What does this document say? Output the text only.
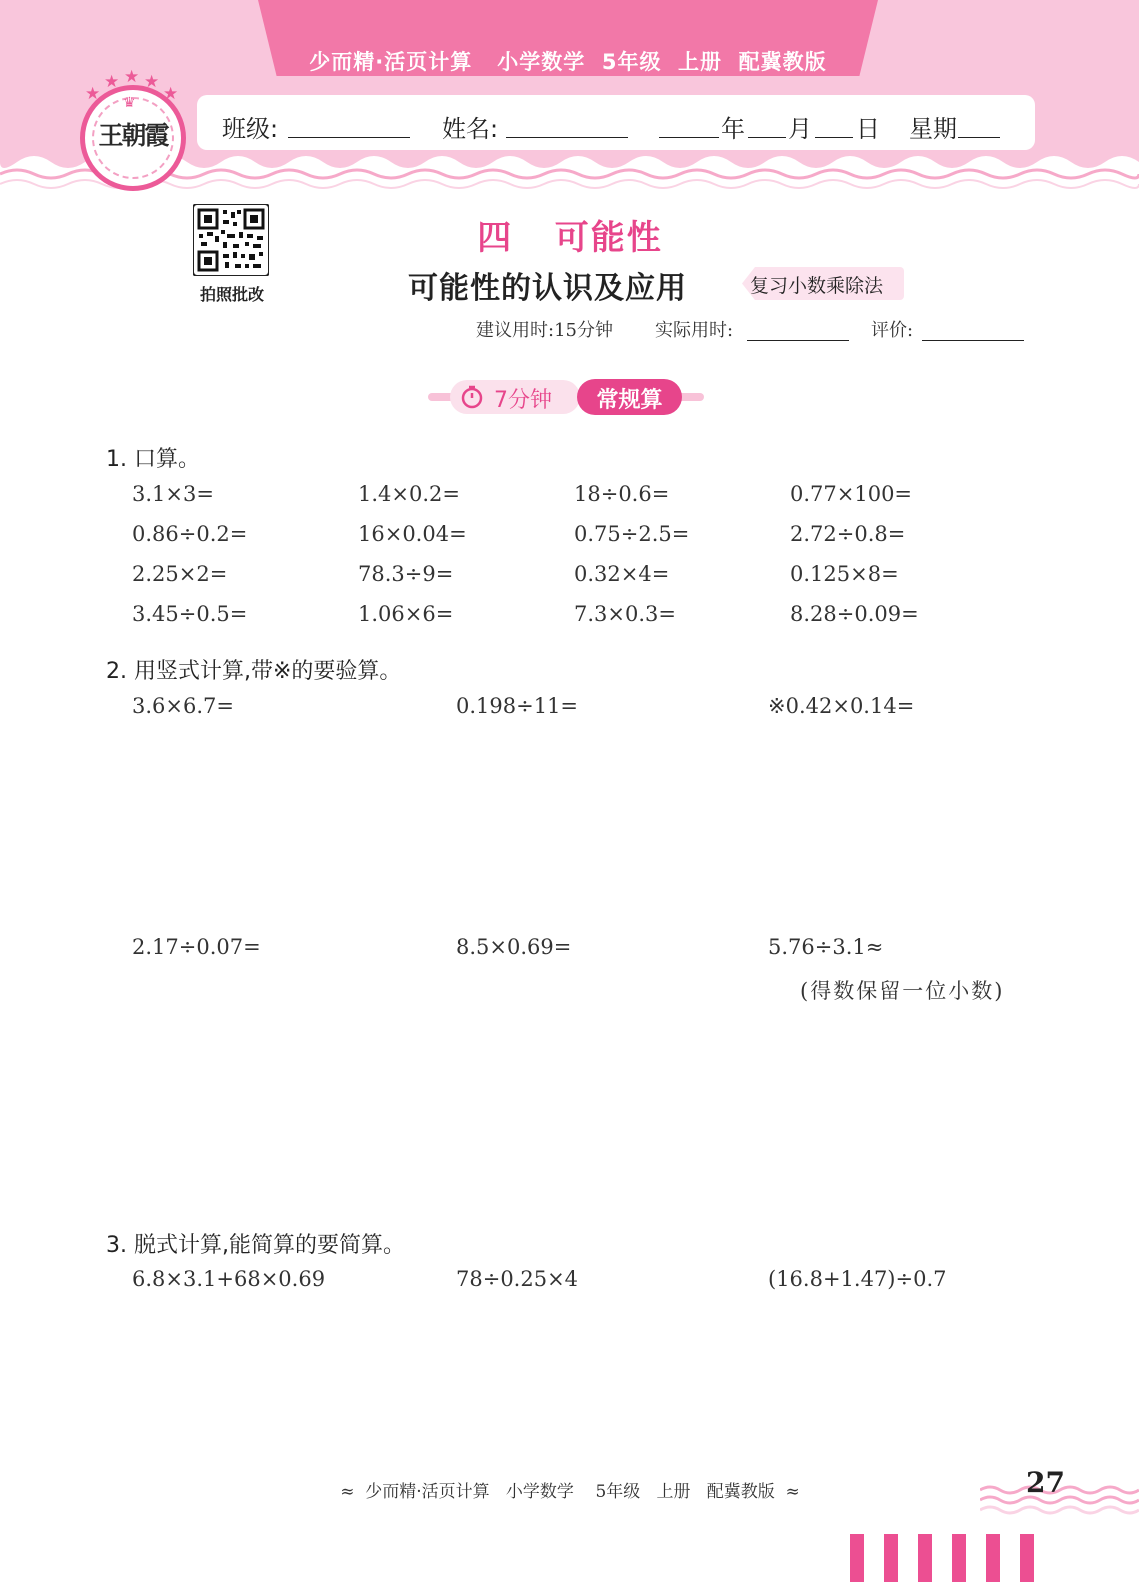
少而精·活页计算   小学数学  5年级  上册  配冀教版
班级:	姓名:	年 月 日 星期
★
★ ★ ★
★
♛
王朝霞
拍照批改
四   可能性
可能性的认识及应用	复习小数乘除法
建议用时:15分钟 实际用时:	评价:
7分钟	常规算
1. 口算。
3.1×3=	1.4×0.2=	18÷0.6=	0.77×100=
0.86÷0.2=	16×0.04=	0.75÷2.5=	2.72÷0.8=
2.25×2=	78.3÷9=	0.32×4=	0.125×8=
3.45÷0.5=	1.06×6=	7.3×0.3=	8.28÷0.09=
2. 用竖式计算,带※的要验算。
3.6×6.7=	0.198÷11=	※0.42×0.14=
2.17÷0.07=	8.5×0.69=	5.76÷3.1≈
(得数保留一位小数)
3. 脱式计算,能简算的要简算。
6.8×3.1+68×0.69	78÷0.25×4	(16.8+1.47)÷0.7
≈  少而精·活页计算   小学数学    5年级   上册   配冀教版  ≈	27
